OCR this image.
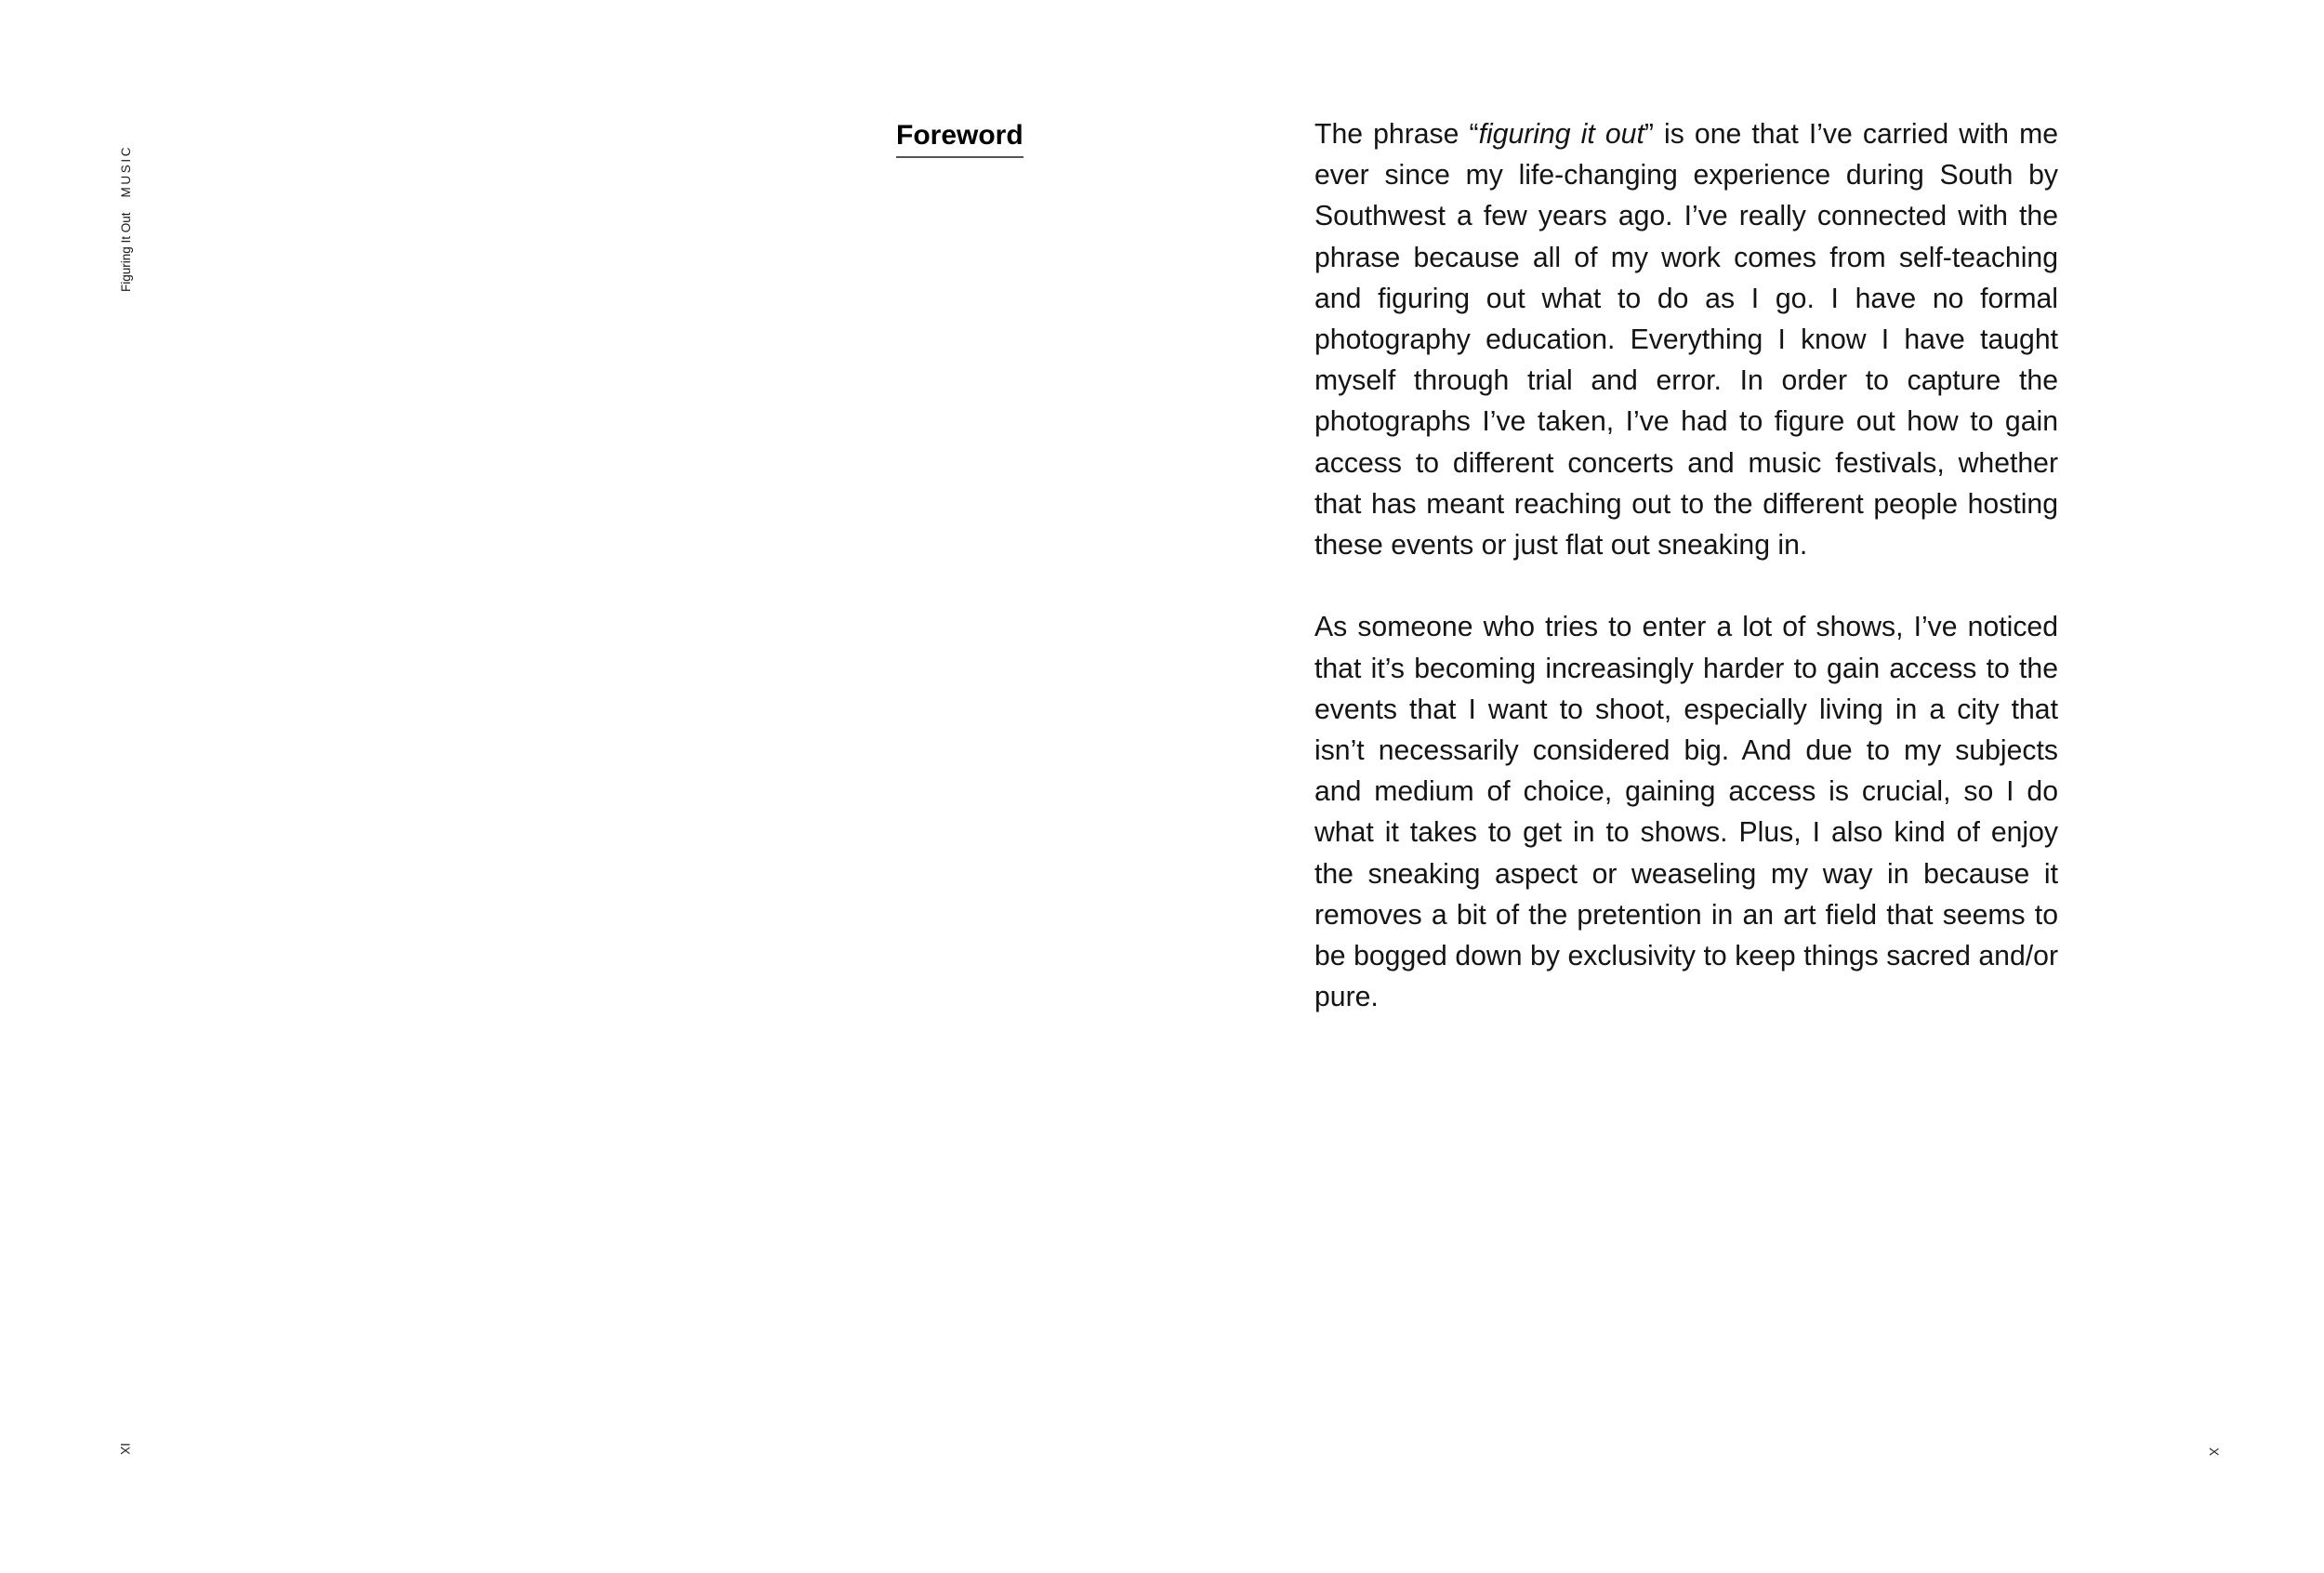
Figuring It OutMUSIC
IX	X
Foreword	The phrase “figuring it out” is one that I’ve carried with me ever since my life-changing experience during South by Southwest a few years ago. I’ve really connected with the phrase because all of my work comes from self-teaching and figuring out what to do as I go. I have no formal photography education. Everything I know I have taught myself through trial and error. In order to capture the photographs I’ve taken, I’ve had to figure out how to gain access to different concerts and music festivals, whether that has meant reaching out to the different people hosting these events or just flat out sneaking in.

As someone who tries to enter a lot of shows, I’ve noticed that it’s becoming increasingly harder to gain access to the events that I want to shoot, especially living in a city that isn’t necessarily considered big. And due to my subjects and medium of choice, gaining access is crucial, so I do what it takes to get in to shows. Plus, I also kind of enjoy the sneaking aspect or weaseling my way in because it removes a bit of the pretention in an art field that seems to be bogged down by exclusivity to keep things sacred and/or pure.
